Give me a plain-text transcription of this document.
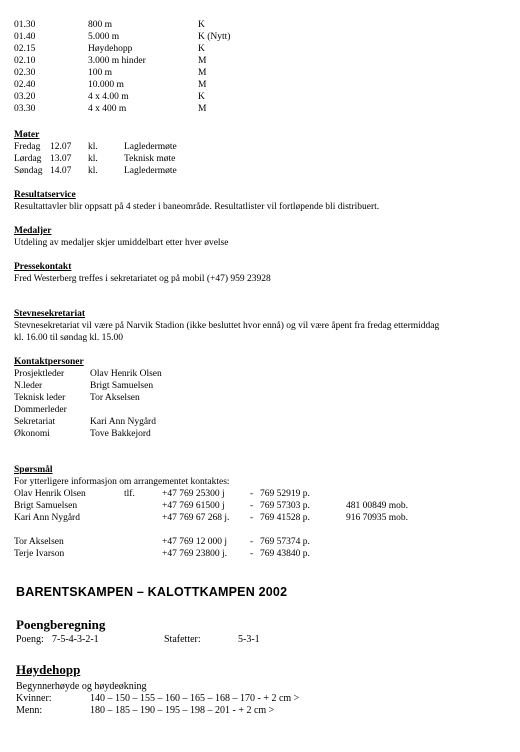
01.30	800 m	K
01.40	5.000 m	K (Nytt)
02.15	Høydehopp	K
02.10	3.000 m hinder	M
02.30	100 m	M
02.40	10.000 m	M
03.20	4 x 4.00 m	K
03.30	4 x 400 m	M
Møter
Fredag 12.07 kl.	Lagledermøte
Lørdag 13.07 kl.	Teknisk møte
Søndag 14.07 kl.	Lagledermøte
Resultatservice
Resultattavler blir oppsatt på 4 steder i baneområde. Resultatlister vil fortløpende bli distribuert.
Medaljer
Utdeling av medaljer skjer umiddelbart etter hver øvelse
Pressekontakt
Fred Westerberg treffes i sekretariatet og på mobil (+47) 959 23928
Stevnesekretariat
Stevnesekretariat vil være på Narvik Stadion (ikke besluttet hvor ennå) og vil være åpent fra fredag ettermiddag
kl. 16.00 til søndag kl. 15.00
Kontaktpersoner
Prosjektleder	Olav Henrik Olsen
N.leder	Brigt Samuelsen
Teknisk leder	Tor Akselsen
Dommerleder
Sekretariat	Kari Ann Nygård
Økonomi	Tove Bakkejord
Spørsmål
For ytterligere informasjon om arrangementet kontaktes:
Olav Henrik Olsen	tlf.	+47 769 25300 j	- 769 52919 p.
Brigt Samuelsen	+47 769 61500 j	- 769 57303 p.	481 00849 mob.
Kari Ann Nygård	+47 769 67 268 j. - 769 41528 p.	916 70935 mob.
Tor Akselsen	+47 769 12 000 j - 769 57374 p.
Terje Ivarson	+47 769 23800 j. - 769 43840 p.
BARENTSKAMPEN – KALOTTKAMPEN 2002
Poengberegning
Poeng: 7-5-4-3-2-1	Stafetter:	5-3-1
Høydehopp
Begynnerhøyde og høydeøkning
Kvinner:	140 – 150 – 155 – 160 – 165 – 168 – 170 - + 2 cm >
Menn:	180 – 185 – 190 – 195 – 198 – 201 - + 2 cm >
